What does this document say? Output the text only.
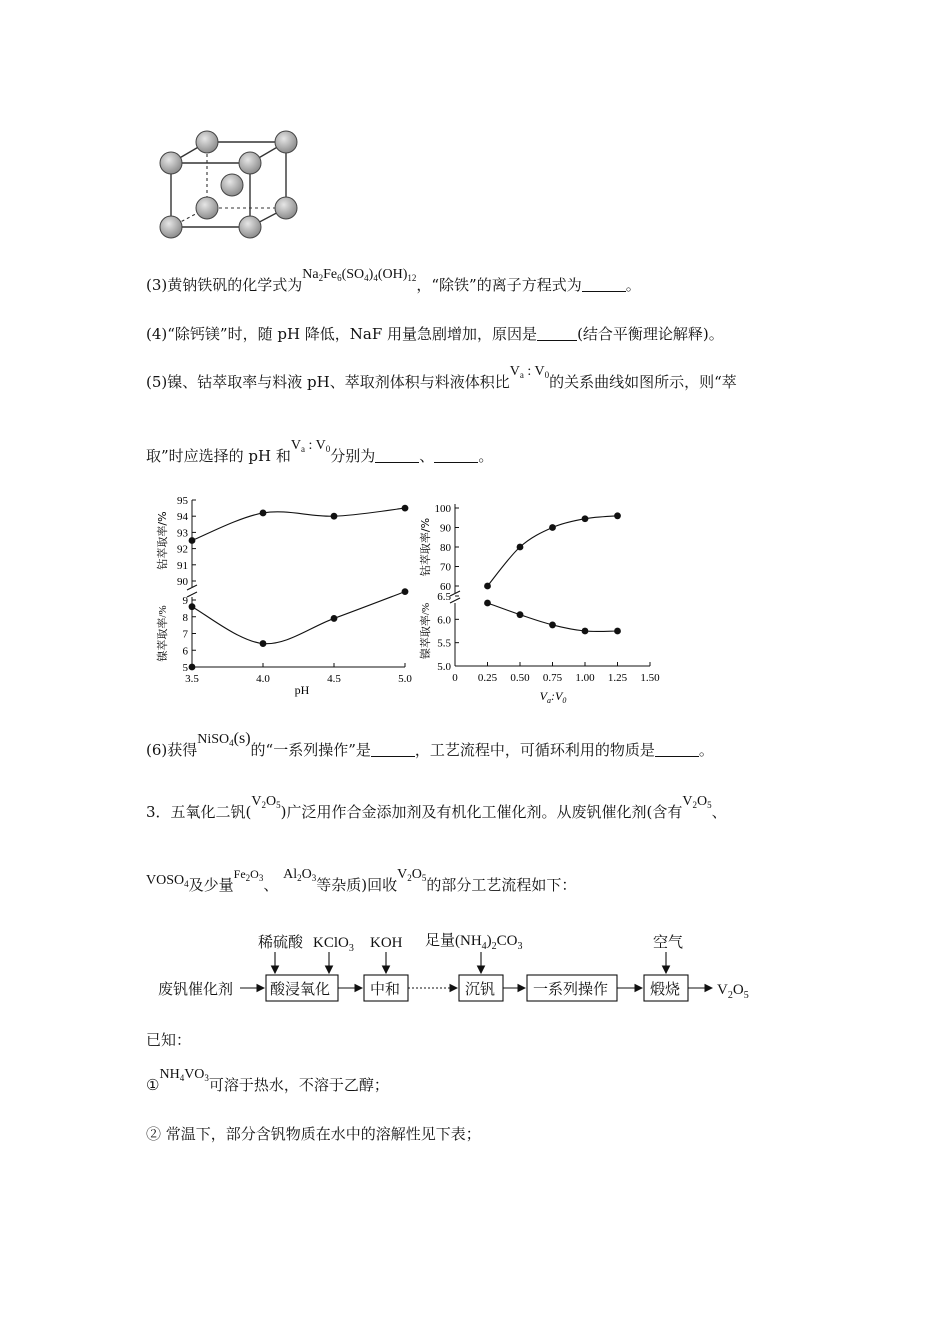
(3)黄钠铁矾的化学式为$Na_2Fe_6(SO_4)_4(OH)_{12}$，“除铁”的离子方程式为	。
(4)“除钙镁”时，随 pH 降低，NaF 用量急剧增加，原因是	(结合平衡理论解释)。
(5)镍、钴萃取率与料液 pH、萃取剂体积与料液体积比$V_a$ : $V_0$的关系曲线如图所示，则“萃
取”时应选择的 pH 和$V_a$ : $V_0$分别为	、	。
90
91
92
93
94
95
5
6
7
8
9
3.5	4.0	4.5	5.0
钴萃取率/%
镍萃取率/%
pH
60
70
80
90
100
5.0
5.5
6.0
6.5
0 0.25 0.50 0.75 1.00 1.25 1.50
钴萃取率/%
镍萃取率/%
$V_a:V_0$
(6)获得NiSO$_4$(s)的“一系列操作”是	，工艺流程中，可循环利用的物质是	。
3．五氧化二钒$(V_2O_5)$广泛用作合金添加剂及有机化工催化剂。从废钒催化剂(含有$V_2O_5$、
$VOSO_4$及少量$^{Fe_2O_3}$、 $Al_2O_3$等杂质)回收$V_2O_5$的部分工艺流程如下：
废钒催化剂
稀硫酸 KClO$_3$ KOH 足量$(NH_4)_2CO_3$	空气
酸浸氧化	中和	沉钒	一系列操作	煅烧 $V_2O_5$
已知：
$①NH_4VO_3$可溶于热水，不溶于乙醇；
② 常温下，部分含钒物质在水中的溶解性见下表；
